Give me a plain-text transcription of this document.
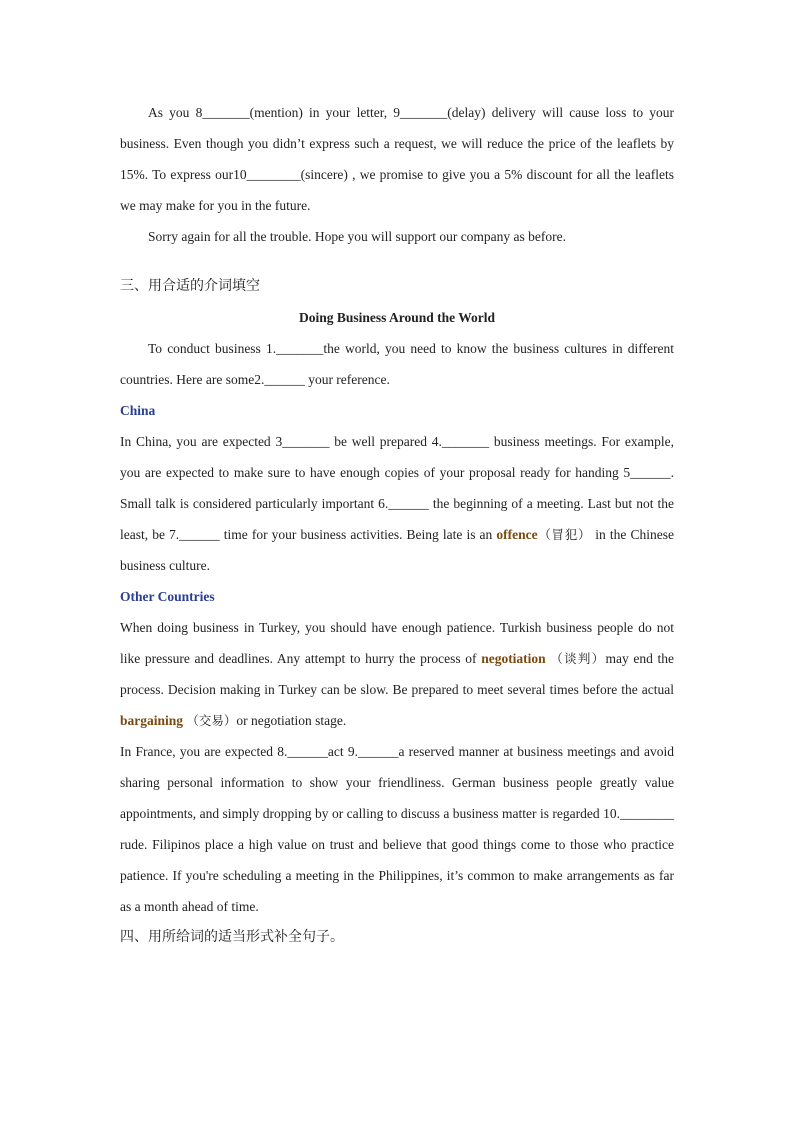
As you 8_______(mention) in your letter, 9_______(delay) delivery will cause loss to your business. Even though you didn’t express such a request, we will reduce the price of the leaflets by 15%. To express our10________(sincere) , we promise to give you a 5% discount for all the leaflets we may make for you in the future.

Sorry again for all the trouble. Hope you will support our company as before.

三、用合适的介词填空

Doing Business Around the World

To conduct business 1._______the world, you need to know the business cultures in different countries. Here are some2.______ your reference.

China

In China, you are expected 3_______ be well prepared 4._______ business meetings. For example, you are expected to make sure to have enough copies of your proposal ready for handing 5______. Small talk is considered particularly important 6.______ the beginning of a meeting. Last but not the least, be 7.______ time for your business activities. Being late is an offence（冒犯） in the Chinese business culture.

Other Countries

When doing business in Turkey, you should have enough patience. Turkish business people do not like pressure and deadlines. Any attempt to hurry the process of negotiation （谈判）may end the process. Decision making in Turkey can be slow. Be prepared to meet several times before the actual bargaining （交易）or negotiation stage.

In France, you are expected 8.______act 9.______a reserved manner at business meetings and avoid sharing personal information to show your friendliness. German business people greatly value appointments, and simply dropping by or calling to discuss a business matter is regarded 10.________ rude. Filipinos place a high value on trust and believe that good things come to those who practice patience. If you're scheduling a meeting in the Philippines, it’s common to make arrangements as far as a month ahead of time.

四、用所给词的适当形式补全句子。
